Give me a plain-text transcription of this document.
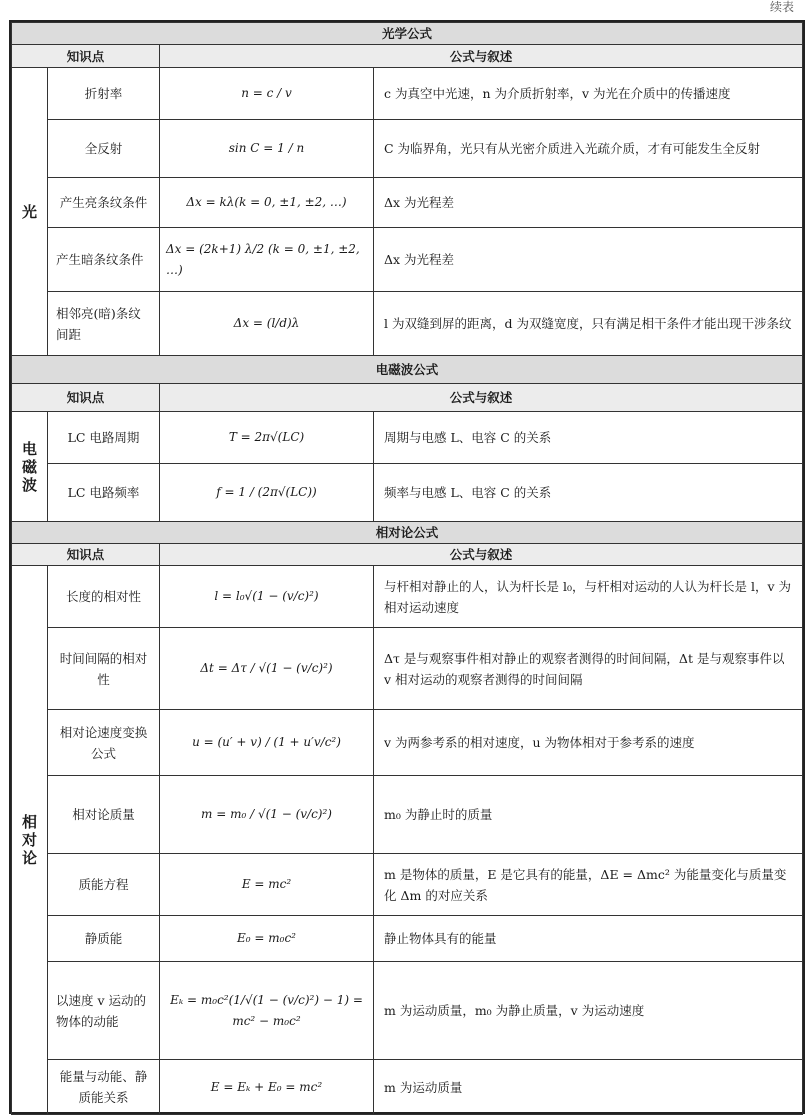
续表
光学公式			
知识点		公式与叙述	
光	折射率	n = c / v	c 为真空中光速，n 为介质折射率，v 为光在介质中的传播速度
	全反射	sin C = 1 / n	C 为临界角，光只有从光密介质进入光疏介质，才有可能发生全反射
	产生亮条纹条件	Δx = kλ(k = 0, ±1, ±2, …)	Δx 为光程差
	产生暗条纹条件	Δx = (2k+1) λ/2 (k = 0, ±1, ±2, …)	Δx 为光程差
	相邻亮(暗)条纹间距	Δx = (l/d)λ	l 为双缝到屏的距离，d 为双缝宽度，只有满足相干条件才能出现干涉条纹
电磁波公式			
知识点		公式与叙述	
电磁波	LC 电路周期	T = 2π√(LC)	周期与电感 L、电容 C 的关系
	LC 电路频率	f = 1 / (2π√(LC))	频率与电感 L、电容 C 的关系
相对论公式			
知识点		公式与叙述	
相对论	长度的相对性	l = l₀√(1 − (v/c)²)	与杆相对静止的人，认为杆长是 l₀，与杆相对运动的人认为杆长是 l，v 为相对运动速度
	时间间隔的相对性	Δt = Δτ / √(1 − (v/c)²)	Δτ 是与观察事件相对静止的观察者测得的时间间隔，Δt 是与观察事件以 v 相对运动的观察者测得的时间间隔
	相对论速度变换公式	u = (u′ + v) / (1 + u′v/c²)	v 为两参考系的相对速度，u 为物体相对于参考系的速度
	相对论质量	m = m₀ / √(1 − (v/c)²)	m₀ 为静止时的质量
	质能方程	E = mc²	m 是物体的质量，E 是它具有的能量，ΔE = Δmc² 为能量变化与质量变化 Δm 的对应关系
	静质能	E₀ = m₀c²	静止物体具有的能量
	以速度 v 运动的物体的动能	Eₖ = m₀c²(1/√(1 − (v/c)²) − 1) = mc² − m₀c²	m 为运动质量，m₀ 为静止质量，v 为运动速度
	能量与动能、静质能关系	E = Eₖ + E₀ = mc²	m 为运动质量
